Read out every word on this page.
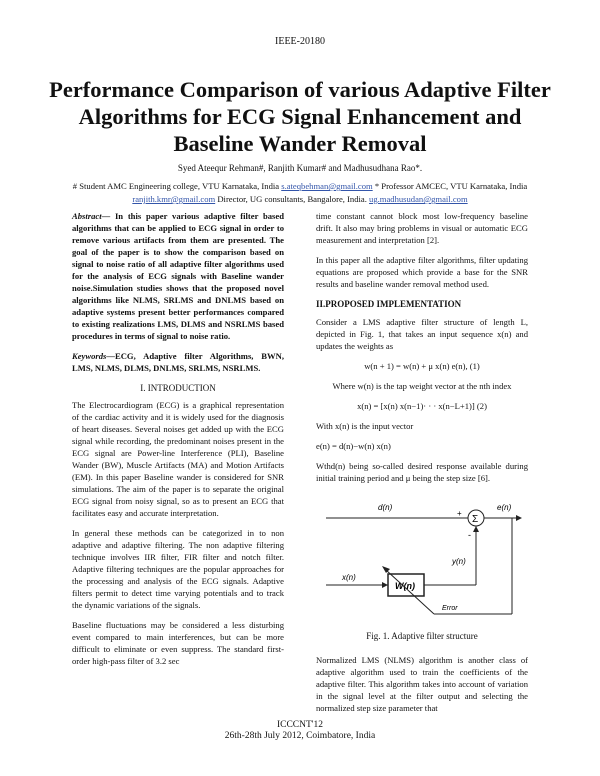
IEEE-20180
Performance Comparison of various Adaptive Filter Algorithms for ECG Signal Enhancement and Baseline Wander Removal
Syed Ateequr Rehman#, Ranjith Kumar# and Madhusudhana Rao*.
# Student AMC Engineering college, VTU Karnataka, India s.ateqbehman@gmail.com * Professor AMCEC, VTU Karnataka, India ranjith.kmr@gmail.com Director, UG consultants, Bangalore, India. ug.madhusudan@gmail.com

Abstract— In this paper various adaptive filter based algorithms that can be applied to ECG signal in order to remove various artifacts from them are presented. The goal of the paper is to show the comparison based on signal to noise ratio of all adaptive filter algorithms used for the analysis of ECG signals with Baseline wander noise.Simulation studies shows that the proposed novel algorithms like NLMS, SRLMS and DNLMS based on adaptive systems present better performances compared to existing realizations LMS, DLMS and NSRLMS based procedures in terms of signal to noise ratio.

Keywords—ECG, Adaptive filter Algorithms, BWN, LMS, NLMS, DLMS, DNLMS, SRLMS, NSRLMS.

I. INTRODUCTION

The Electrocardiogram (ECG) is a graphical representation of the cardiac activity and it is widely used for the diagnosis of heart diseases. Several noises get added up with the ECG signal while recording, the predominant noises present in the ECG signal are Power-line Interference (PLI), Baseline Wander (BW), Muscle Artifacts (MA) and Motion Artifacts (EM). In this paper Baseline wander is considered for SNR simulations. The aim of the paper is to separate the original ECG signal from noisy signal, so as to present an ECG that facilitates easy and accurate interpretation.

In general these methods can be categorized in to non adaptive and adaptive filtering. The non adaptive filtering technique involves IIR filter, FIR filter and notch filter. Adaptive filtering techniques are the popular approaches for the processing and analysis of the ECG signals. Adaptive filters permit to detect time varying potentials and to track the dynamic variations of the signals.

Baseline fluctuations may be considered a less disturbing event compared to main interferences, but can be more difficult to eliminate or even suppress. The standard first-order high-pass filter of 3.2 sec

time constant cannot block most low-frequency baseline drift. It also may bring problems in visual or automatic ECG measurement and interpretation [2].

In this paper all the adaptive filter algorithms, filter updating equations are proposed which provide a base for the SNR results and baseline wander removal method used.

II.PROPOSED IMPLEMENTATION

Consider a LMS adaptive filter structure of length L, depicted in Fig. 1, that takes an input sequence x(n) and updates the weights as

w(n + 1) = w(n) + μ x(n) e(n), (1)

Where w(n) is the tap weight vector at the nth index

x(n) = [x(n) x(n−1)· · · x(n−L+1)] (2)

With x(n) is the input vector

e(n) = d(n)−w(n) x(n)

Wthd(n) being so-called desired response available during initial training period and μ being the step size [6].

Σ
d(n)	e(n)
+
-
y(n)
x(n)
W(n)
Error
Fig. 1. Adaptive filter structure

Normalized LMS (NLMS) algorithm is another class of adaptive algorithm used to train the coefficients of the adaptive filter. This algorithm takes into account of variation in the signal level at the filter output and selecting the normalized step size parameter that

ICCCNT'12
26th-28th July 2012, Coimbatore, India
